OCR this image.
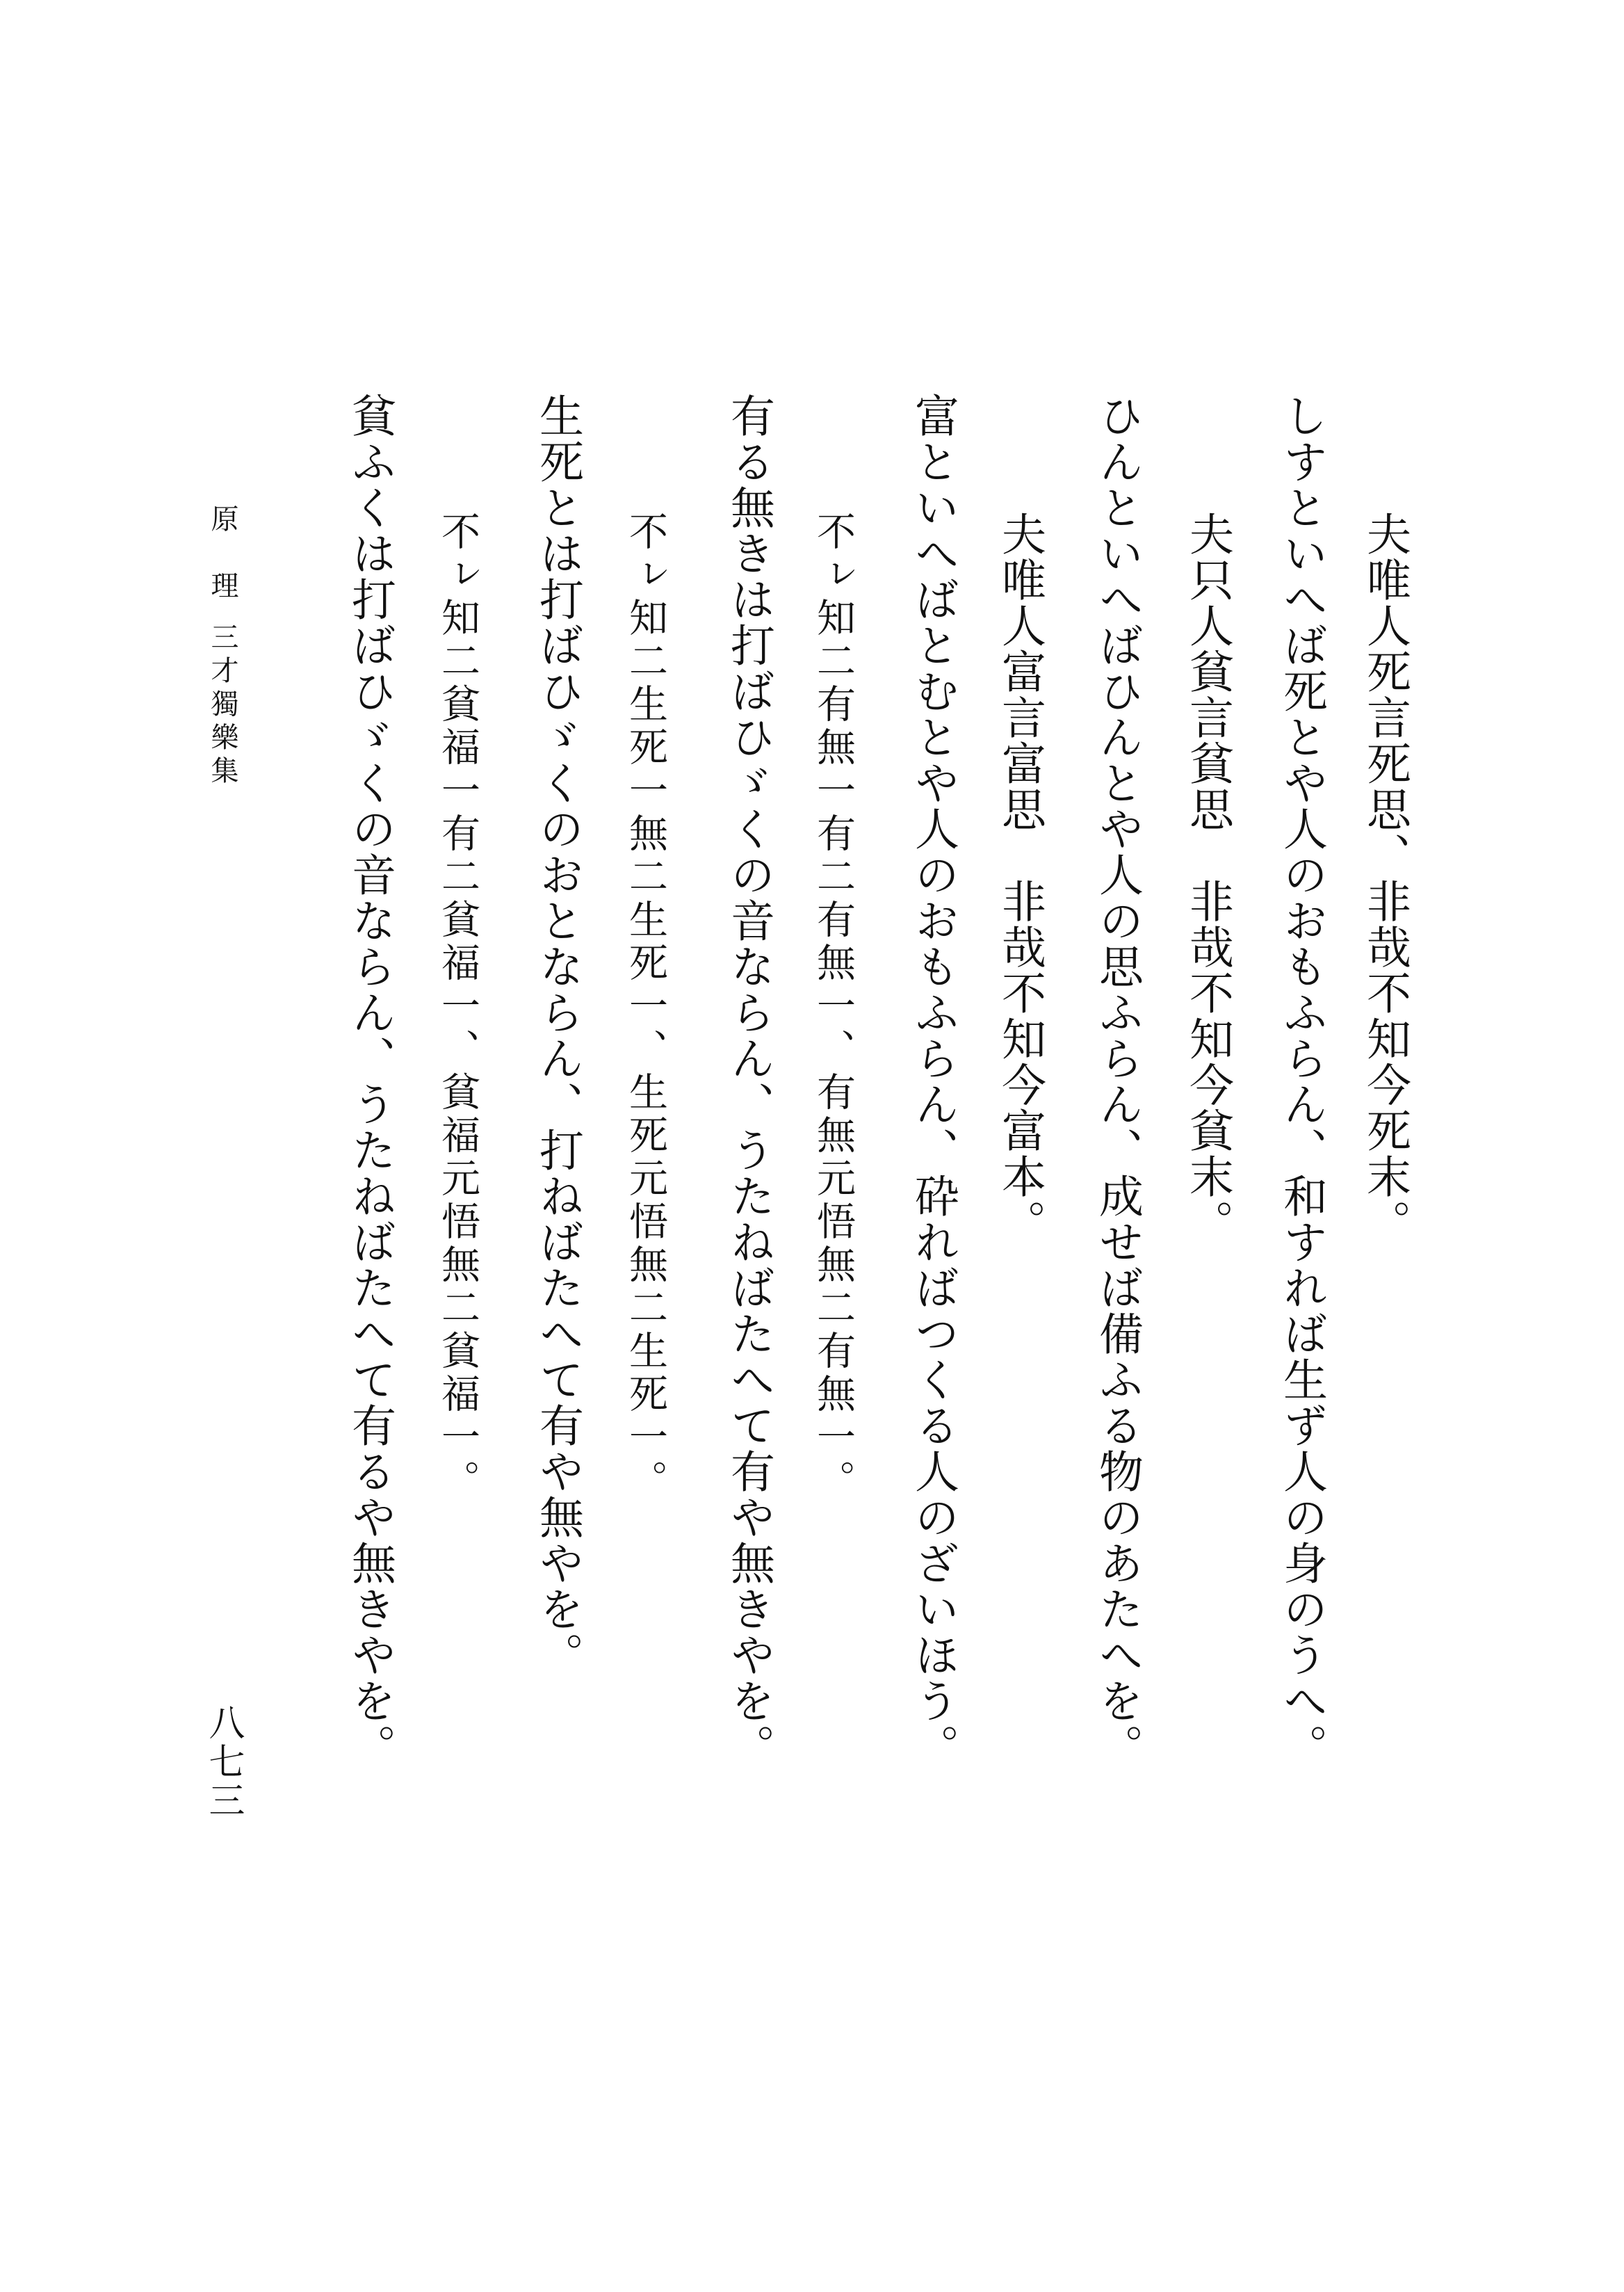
夫唯人死言死思、非哉不知今死末。
しすといへば死とや人のおもふらん、和すれば生ず人の身のうへ。
夫只人貧言貧思　非哉不知今貧末。
ひんといへばひんとや人の思ふらん、成せば備ふる物のあたへを。
夫唯人富言富思　非哉不知今富本。
富といへばとむとや人のおもふらん、砕ればつくる人のざいほう。
不ㇾ知二有無一有二有無一、有無元悟無二有無一。
有る無きは打ばひゞくの音ならん、うたねばたへて有や無きやを。
不ㇾ知二生死一無二生死一、生死元悟無二生死一。
生死とは打ばひゞくのおとならん、打ねばたへて有や無やを。
不ㇾ知二貧福一有二貧福一、貧福元悟無二貧福一。
貧ふくは打ばひゞくの音ならん、うたねばたへて有るや無きやを。
原　理
三才獨樂集
八七三
